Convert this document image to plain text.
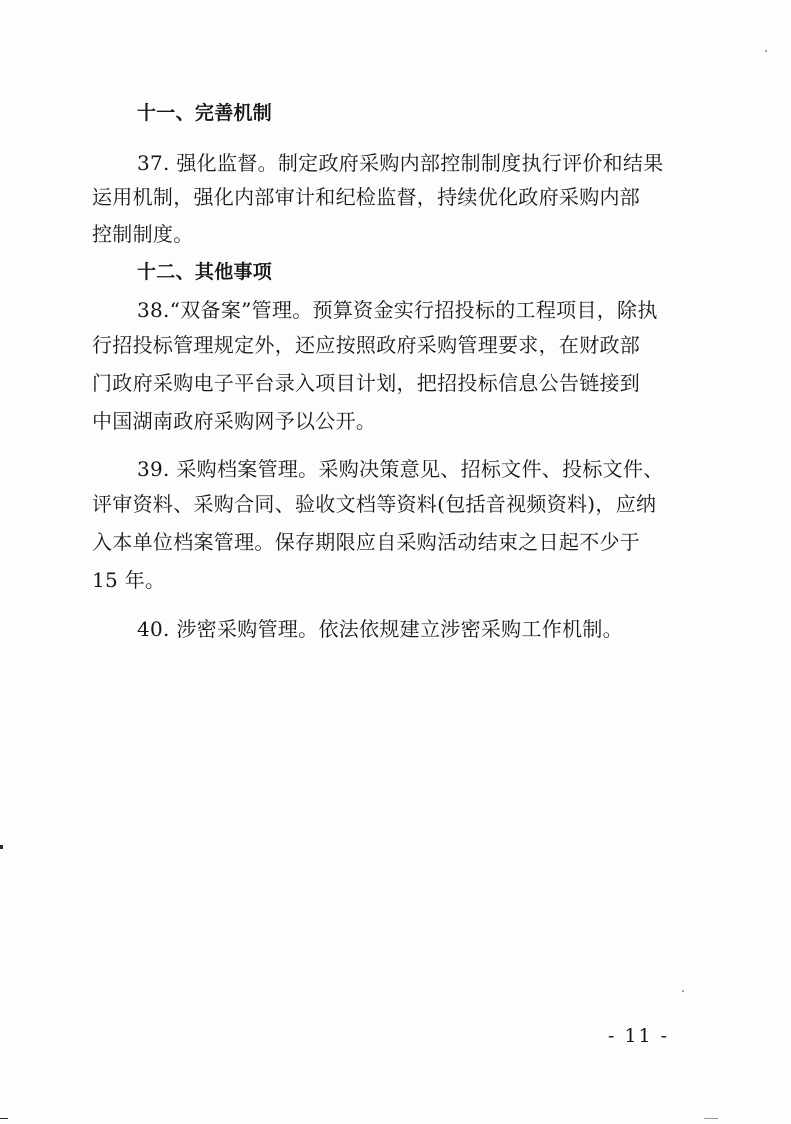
十一、完善机制
37. 强化监督。制定政府采购内部控制制度执行评价和结果
运用机制，强化内部审计和纪检监督，持续优化政府采购内部
控制制度。
十二、其他事项
38.“双备案”管理。预算资金实行招投标的工程项目，除执
行招投标管理规定外，还应按照政府采购管理要求，在财政部
门政府采购电子平台录入项目计划，把招投标信息公告链接到
中国湖南政府采购网予以公开。
39. 采购档案管理。采购决策意见、招标文件、投标文件、
评审资料、采购合同、验收文档等资料(包括音视频资料)，应纳
入本单位档案管理。保存期限应自采购活动结束之日起不少于
15 年。
40. 涉密采购管理。依法依规建立涉密采购工作机制。
- 11 -
